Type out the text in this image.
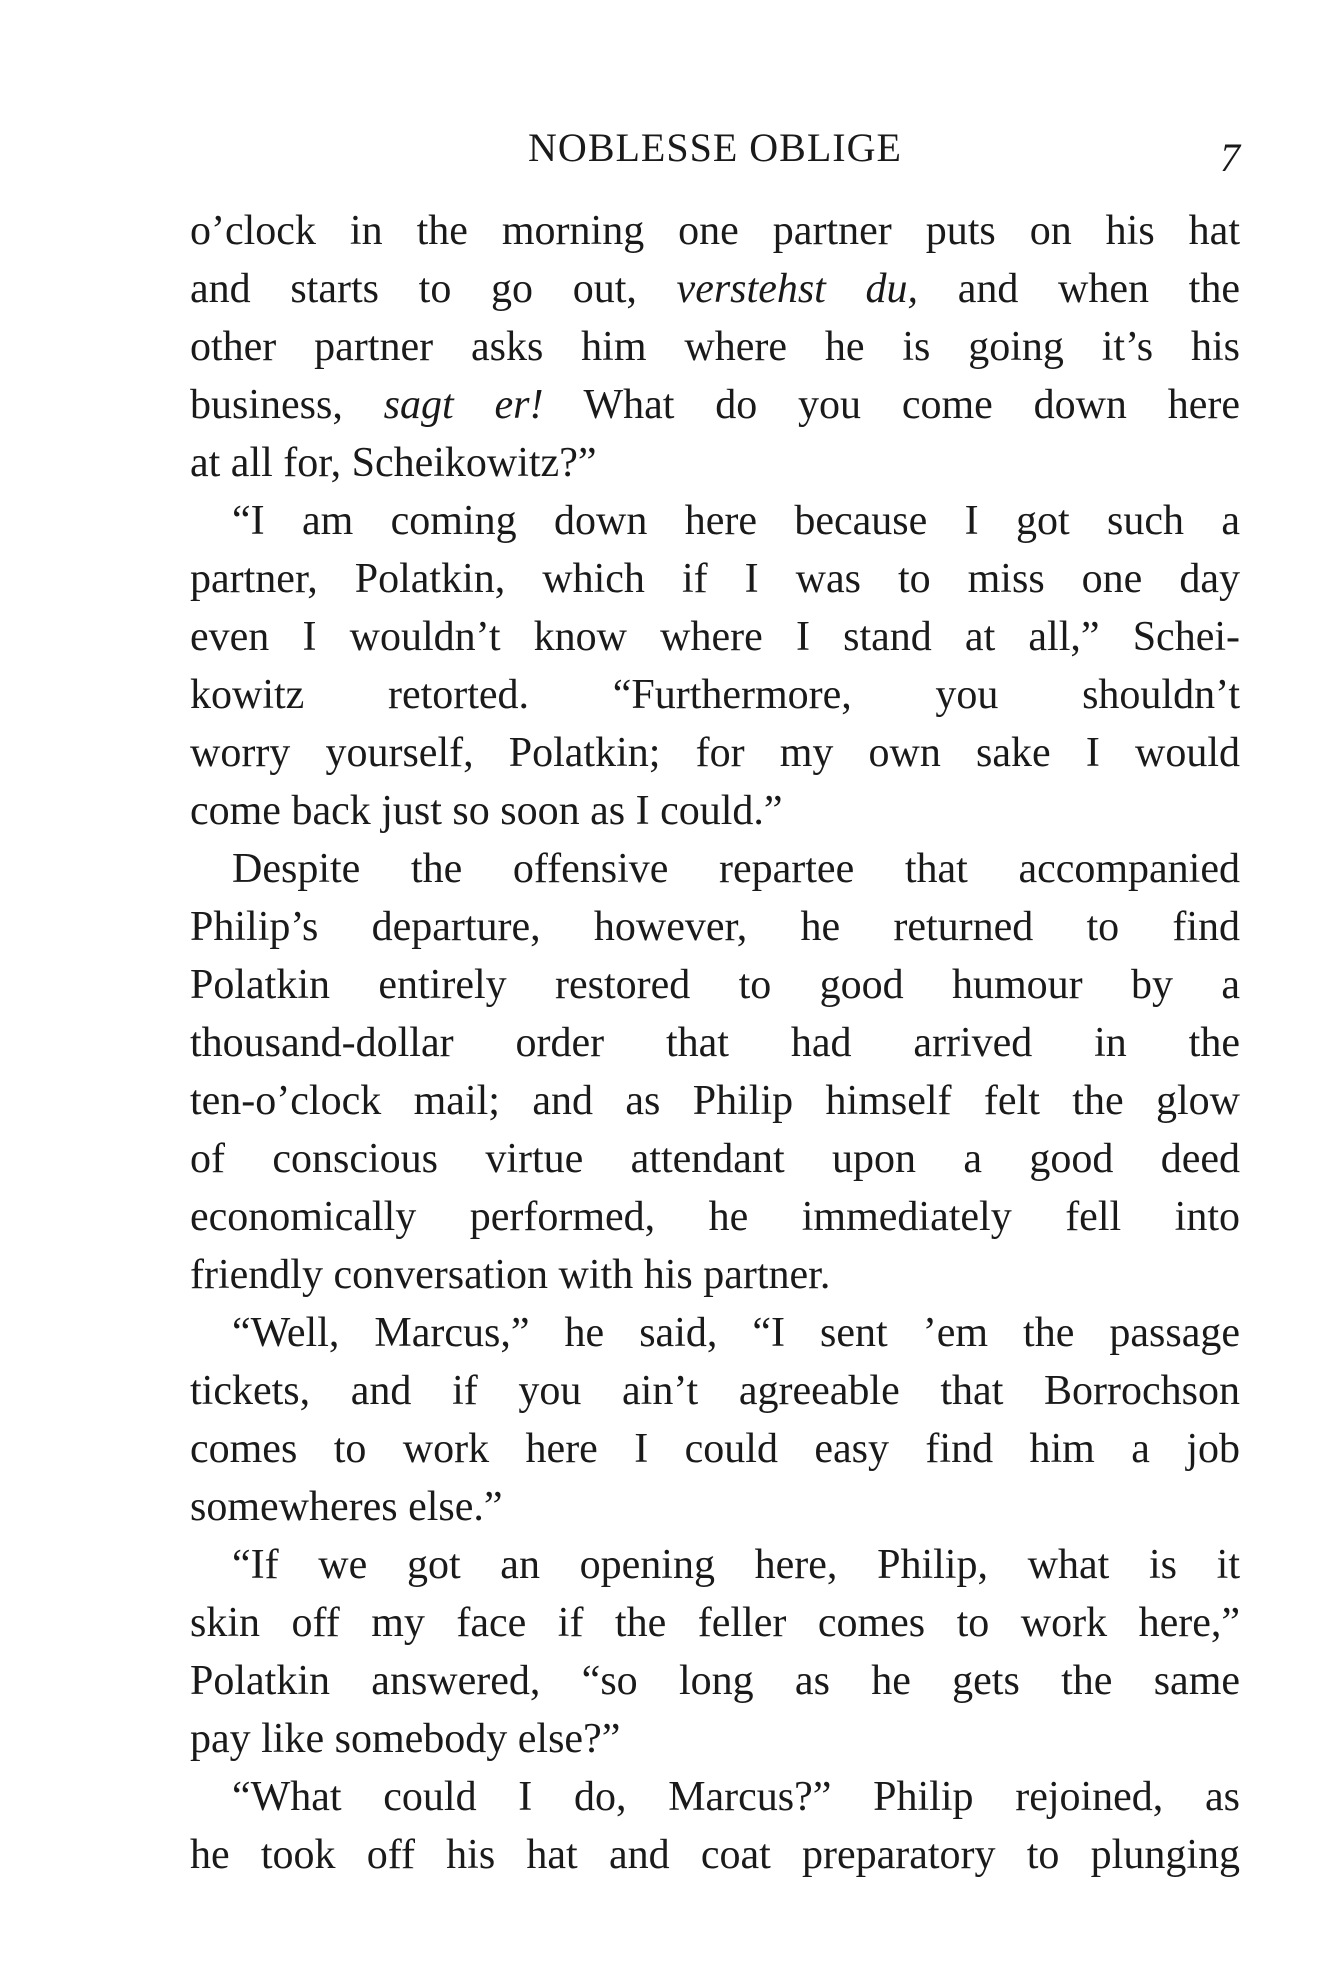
NOBLESSE OBLIGE	7

o’clock in the morning one partner puts on his hat
and starts to go out, verstehst du, and when the
other partner asks him where he is going it’s his
business, sagt er! What do you come down here
at all for, Scheikowitz?”

“I am coming down here because I got such a
partner, Polatkin, which if I was to miss one day
even I wouldn’t know where I stand at all,” Schei-
kowitz retorted. “Furthermore, you shouldn’t
worry yourself, Polatkin; for my own sake I would
come back just so soon as I could.”

Despite the offensive repartee that accompanied
Philip’s departure, however, he returned to find
Polatkin entirely restored to good humour by a
thousand-dollar order that had arrived in the
ten-o’clock mail; and as Philip himself felt the glow
of conscious virtue attendant upon a good deed
economically performed, he immediately fell into
friendly conversation with his partner.

“Well, Marcus,” he said, “I sent ’em the passage
tickets, and if you ain’t agreeable that Borrochson
comes to work here I could easy find him a job
somewheres else.”

“If we got an opening here, Philip, what is it
skin off my face if the feller comes to work here,”
Polatkin answered, “so long as he gets the same
pay like somebody else?”

“What could I do, Marcus?” Philip rejoined, as
he took off his hat and coat preparatory to plunging
